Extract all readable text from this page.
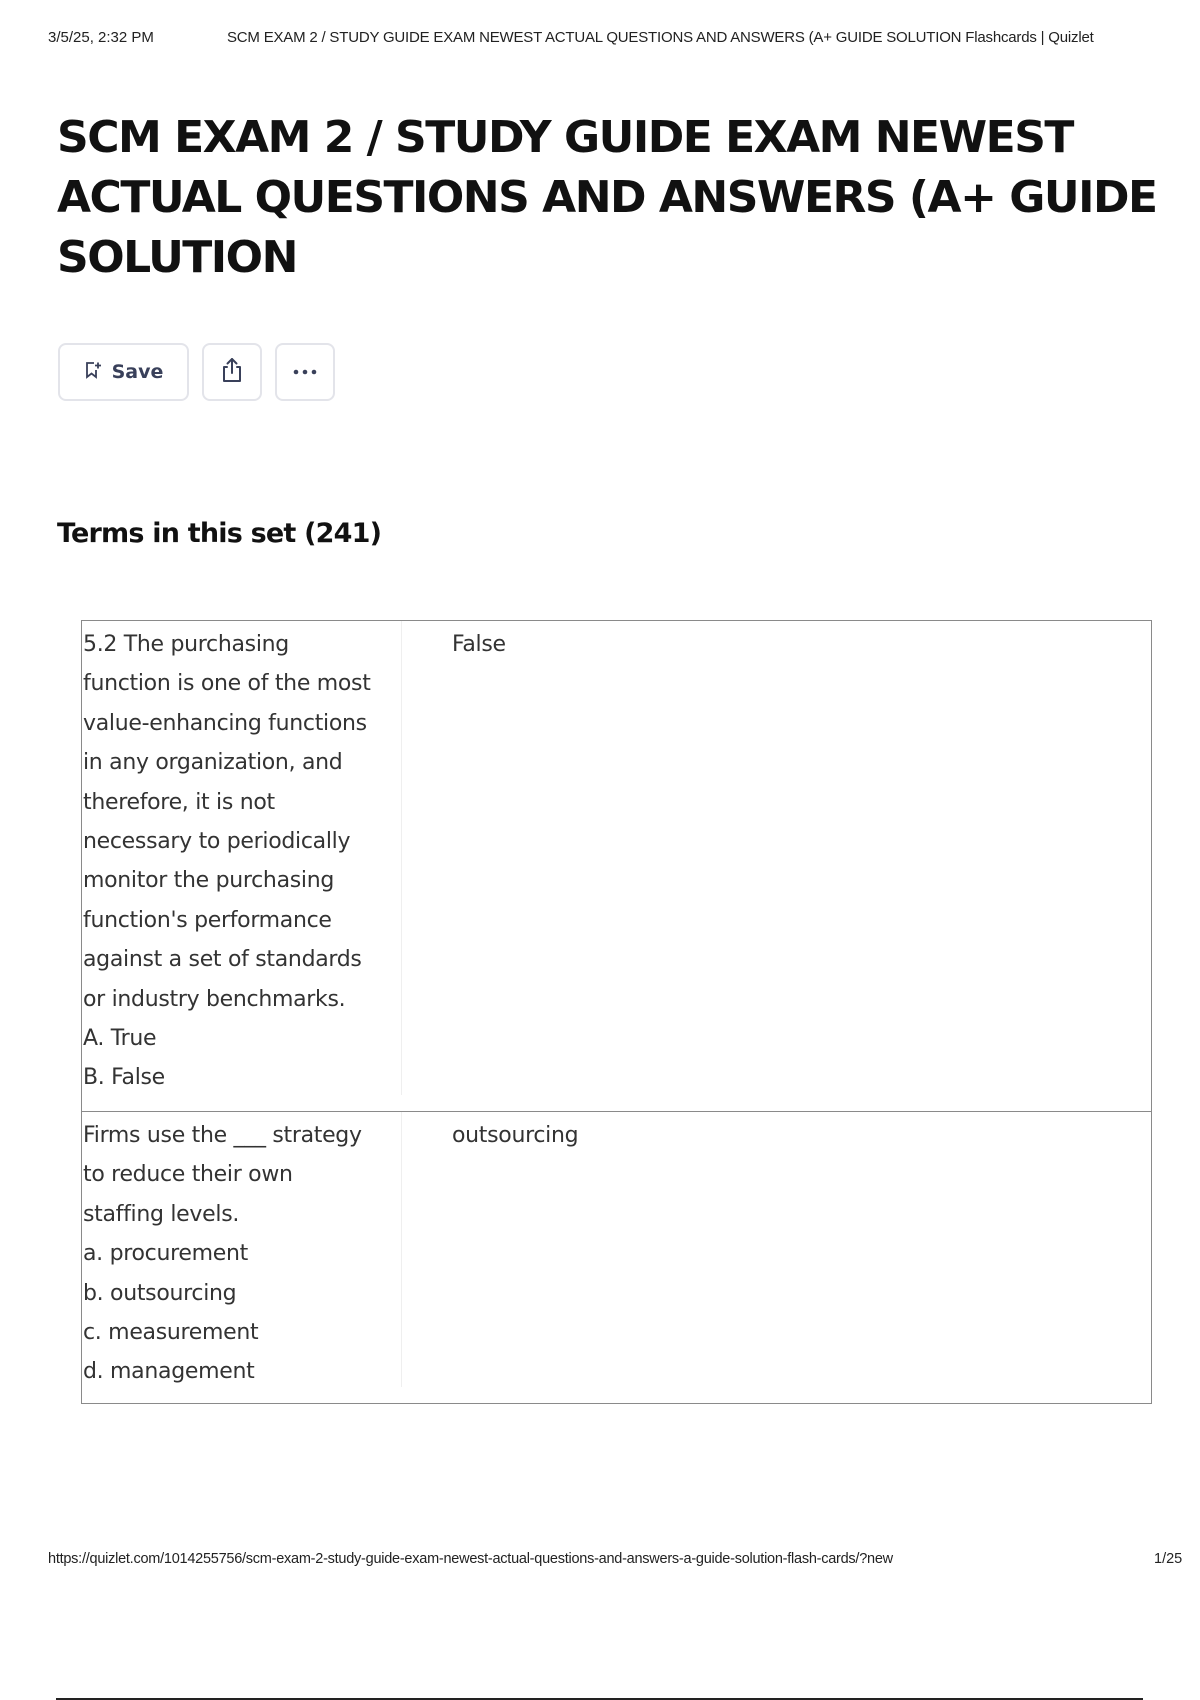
3/5/25, 2:32 PM	SCM EXAM 2 / STUDY GUIDE EXAM NEWEST ACTUAL QUESTIONS AND ANSWERS (A+ GUIDE SOLUTION Flashcards | Quizlet
SCM EXAM 2 / STUDY GUIDE EXAM NEWEST
ACTUAL QUESTIONS AND ANSWERS (A+ GUIDE
SOLUTION
Save
Terms in this set (241)
5.2 The purchasing
function is one of the most
value-enhancing functions
in any organization, and
therefore, it is not
necessary to periodically
monitor the purchasing
function's performance
against a set of standards
or industry benchmarks.
A. True
B. False
False
Firms use the ___ strategy
to reduce their own
staffing levels.
a. procurement
b. outsourcing
c. measurement
d. management
outsourcing
https://quizlet.com/1014255756/scm-exam-2-study-guide-exam-newest-actual-questions-and-answers-a-guide-solution-flash-cards/?new	1/25
